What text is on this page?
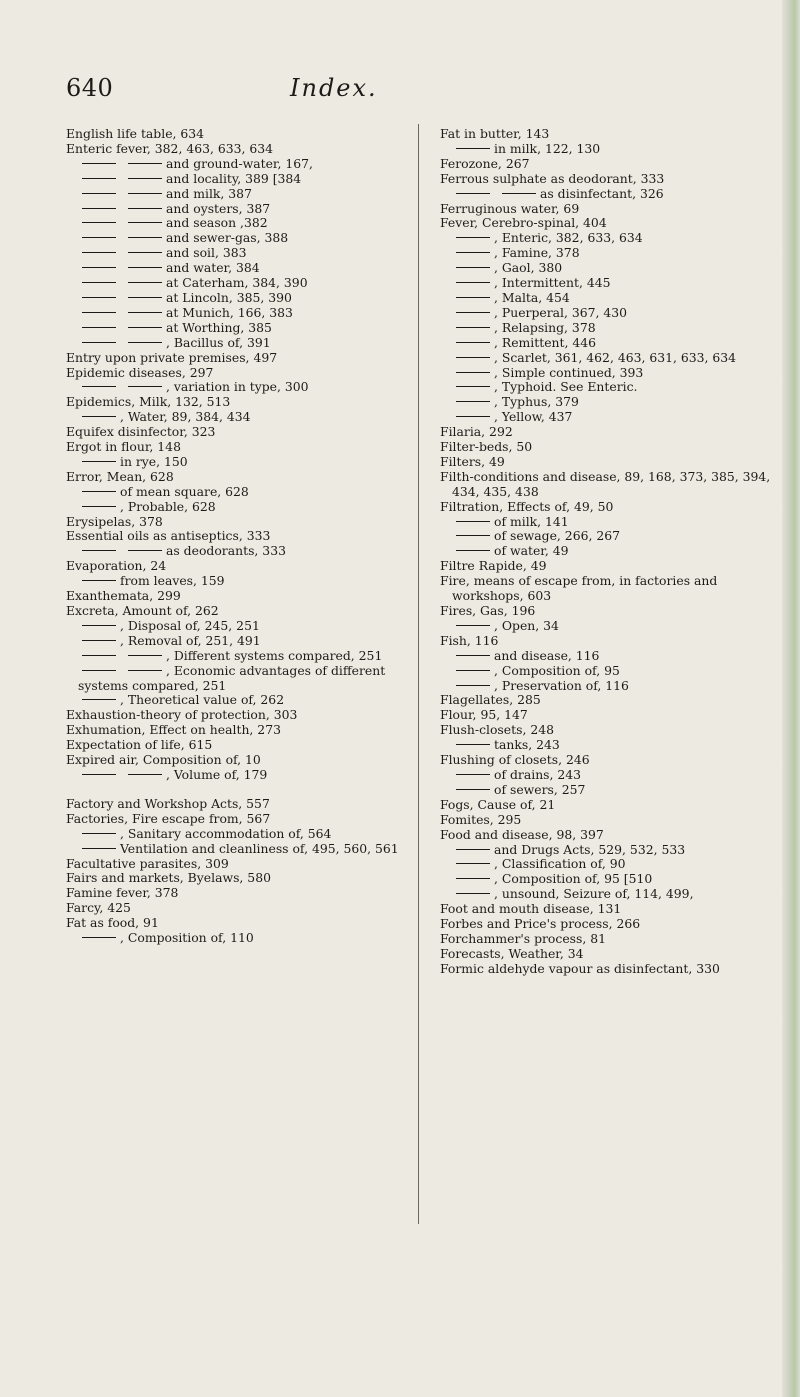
640	Index.
English life table, 634
Enteric fever, 382, 463, 633, 634
and ground-water, 167,
and locality, 389 [384
and milk, 387
and oysters, 387
and season ,382
and sewer-gas, 388
and soil, 383
and water, 384
at Caterham, 384, 390
at Lincoln, 385, 390
at Munich, 166, 383
at Worthing, 385
, Bacillus of, 391
Entry upon private premises, 497
Epidemic diseases, 297
, variation in type, 300
Epidemics, Milk, 132, 513
, Water, 89, 384, 434
Equifex disinfector, 323
Ergot in flour, 148
in rye, 150
Error, Mean, 628
of mean square, 628
, Probable, 628
Erysipelas, 378
Essential oils as antiseptics, 333
as deodorants, 333
Evaporation, 24
from leaves, 159
Exanthemata, 299
Excreta, Amount of, 262
, Disposal of, 245, 251
, Removal of, 251, 491
, Different systems compared, 251
, Economic advantages of different systems compared, 251
, Theoretical value of, 262
Exhaustion-theory of protection, 303
Exhumation, Effect on health, 273
Expectation of life, 615
Expired air, Composition of, 10
, Volume of, 179
Factory and Workshop Acts, 557
Factories, Fire escape from, 567
, Sanitary accommodation of, 564
Ventilation and cleanliness of, 495, 560, 561
Facultative parasites, 309
Fairs and markets, Byelaws, 580
Famine fever, 378
Farcy, 425
Fat as food, 91
, Composition of, 110
Fat in butter, 143
in milk, 122, 130
Ferozone, 267
Ferrous sulphate as deodorant, 333
as disinfectant, 326
Ferruginous water, 69
Fever, Cerebro-spinal, 404
, Enteric, 382, 633, 634
, Famine, 378
, Gaol, 380
, Intermittent, 445
, Malta, 454
, Puerperal, 367, 430
, Relapsing, 378
, Remittent, 446
, Scarlet, 361, 462, 463, 631, 633, 634
, Simple continued, 393
, Typhoid. See Enteric.
, Typhus, 379
, Yellow, 437
Filaria, 292
Filter-beds, 50
Filters, 49
Filth-conditions and disease, 89, 168, 373, 385, 394, 434, 435, 438
Filtration, Effects of, 49, 50
of milk, 141
of sewage, 266, 267
of water, 49
Filtre Rapide, 49
Fire, means of escape from, in factories and workshops, 603
Fires, Gas, 196
, Open, 34
Fish, 116
and disease, 116
, Composition of, 95
, Preservation of, 116
Flagellates, 285
Flour, 95, 147
Flush-closets, 248
tanks, 243
Flushing of closets, 246
of drains, 243
of sewers, 257
Fogs, Cause of, 21
Fomites, 295
Food and disease, 98, 397
and Drugs Acts, 529, 532, 533
, Classification of, 90
, Composition of, 95 [510
, unsound, Seizure of, 114, 499,
Foot and mouth disease, 131
Forbes and Price's process, 266
Forchammer's process, 81
Forecasts, Weather, 34
Formic aldehyde vapour as disinfectant, 330
